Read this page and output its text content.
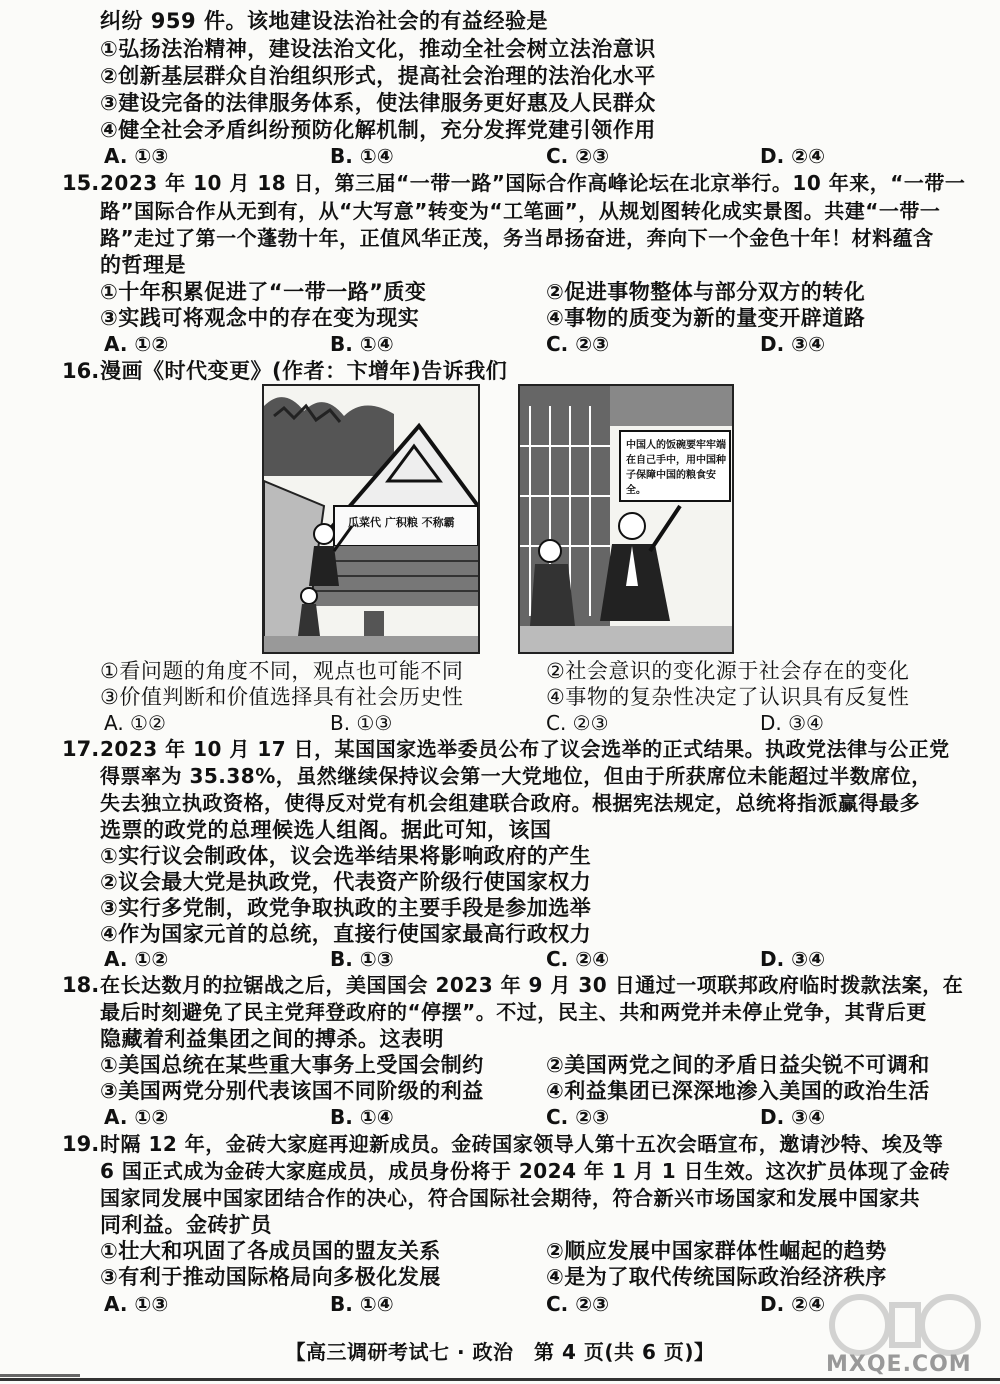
纠纷 959 件。该地建设法治社会的有益经验是
①弘扬法治精神，建设法治文化，推动全社会树立法治意识
②创新基层群众自治组织形式，提高社会治理的法治化水平
③建设完备的法律服务体系，使法律服务更好惠及人民群众
④健全社会矛盾纠纷预防化解机制，充分发挥党建引领作用
A. ①③	B. ①④	C. ②③	D. ②④
15. 2023 年 10 月 18 日，第三届“一带一路”国际合作高峰论坛在北京举行。10 年来，“一带一
路”国际合作从无到有，从“大写意”转变为“工笔画”，从规划图转化成实景图。共建“一带一
路”走过了第一个蓬勃十年，正值风华正茂，务当昂扬奋进，奔向下一个金色十年！材料蕴含
的哲理是
①十年积累促进了“一带一路”质变	②促进事物整体与部分双方的转化
③实践可将观念中的存在变为现实	④事物的质变为新的量变开辟道路
A. ①②	B. ①④	C. ②③	D. ③④
16. 漫画《时代变更》(作者：卞增年)告诉我们
瓜菜代 广积粮 不称霸
中国人的饭碗要牢牢端
在自己手中，用中国种
子保障中国的粮食安全。
①看问题的角度不同，观点也可能不同	②社会意识的变化源于社会存在的变化
③价值判断和价值选择具有社会历史性	④事物的复杂性决定了认识具有反复性
A. ①②	B. ①③	C. ②③	D. ③④
17. 2023 年 10 月 17 日，某国国家选举委员公布了议会选举的正式结果。执政党法律与公正党
得票率为 35.38%，虽然继续保持议会第一大党地位，但由于所获席位未能超过半数席位，
失去独立执政资格，使得反对党有机会组建联合政府。根据宪法规定，总统将指派赢得最多
选票的政党的总理候选人组阁。据此可知，该国
①实行议会制政体，议会选举结果将影响政府的产生
②议会最大党是执政党，代表资产阶级行使国家权力
③实行多党制，政党争取执政的主要手段是参加选举
④作为国家元首的总统，直接行使国家最高行政权力
A. ①②	B. ①③	C. ②④	D. ③④
18. 在长达数月的拉锯战之后，美国国会 2023 年 9 月 30 日通过一项联邦政府临时拨款法案，在
最后时刻避免了民主党拜登政府的“停摆”。不过，民主、共和两党并未停止党争，其背后更
隐藏着利益集团之间的搏杀。这表明
①美国总统在某些重大事务上受国会制约	②美国两党之间的矛盾日益尖锐不可调和
③美国两党分别代表该国不同阶级的利益	④利益集团已深深地渗入美国的政治生活
A. ①②	B. ①④	C. ②③	D. ③④
19. 时隔 12 年，金砖大家庭再迎新成员。金砖国家领导人第十五次会晤宣布，邀请沙特、埃及等
6 国正式成为金砖大家庭成员，成员身份将于 2024 年 1 月 1 日生效。这次扩员体现了金砖
国家同发展中国家团结合作的决心，符合国际社会期待，符合新兴市场国家和发展中国家共
同利益。金砖扩员
①壮大和巩固了各成员国的盟友关系	②顺应发展中国家群体性崛起的趋势
③有利于推动国际格局向多极化发展	④是为了取代传统国际政治经济秩序
A. ①③	B. ①④	C. ②③	D. ②④
【高三调研考试七 · 政治　第 4 页(共 6 页)】	MXQE.COM
